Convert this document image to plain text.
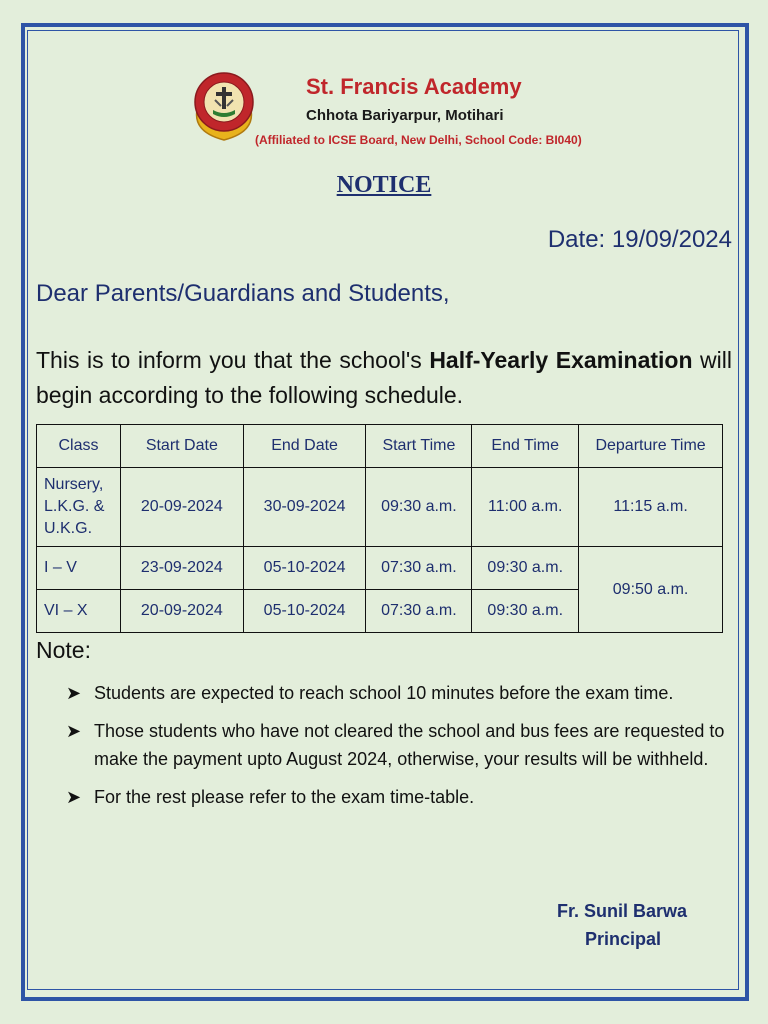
St. Francis Academy
Chhota Bariyarpur, Motihari
(Affiliated to ICSE Board, New Delhi, School Code: BI040)
NOTICE
Date: 19/09/2024
Dear Parents/Guardians and Students,
This is to inform you that the school's Half-Yearly Examination will begin according to the following schedule.
Class	Start Date	End Date	Start Time	End Time	Departure Time
Nursery, L.K.G. & U.K.G.	20-09-2024	30-09-2024	09:30 a.m.	11:00 a.m.	11:15 a.m.
I – V	23-09-2024	05-10-2024	07:30 a.m.	09:30 a.m.	09:50 a.m.
VI – X	20-09-2024	05-10-2024	07:30 a.m.	09:30 a.m.	
Note:
➤ Students are expected to reach school 10 minutes before the exam time.
➤ Those students who have not cleared the school and bus fees are requested to make the payment upto August 2024, otherwise, your results will be withheld.
➤ For the rest please refer to the exam time-table.
Fr. Sunil Barwa
Principal
